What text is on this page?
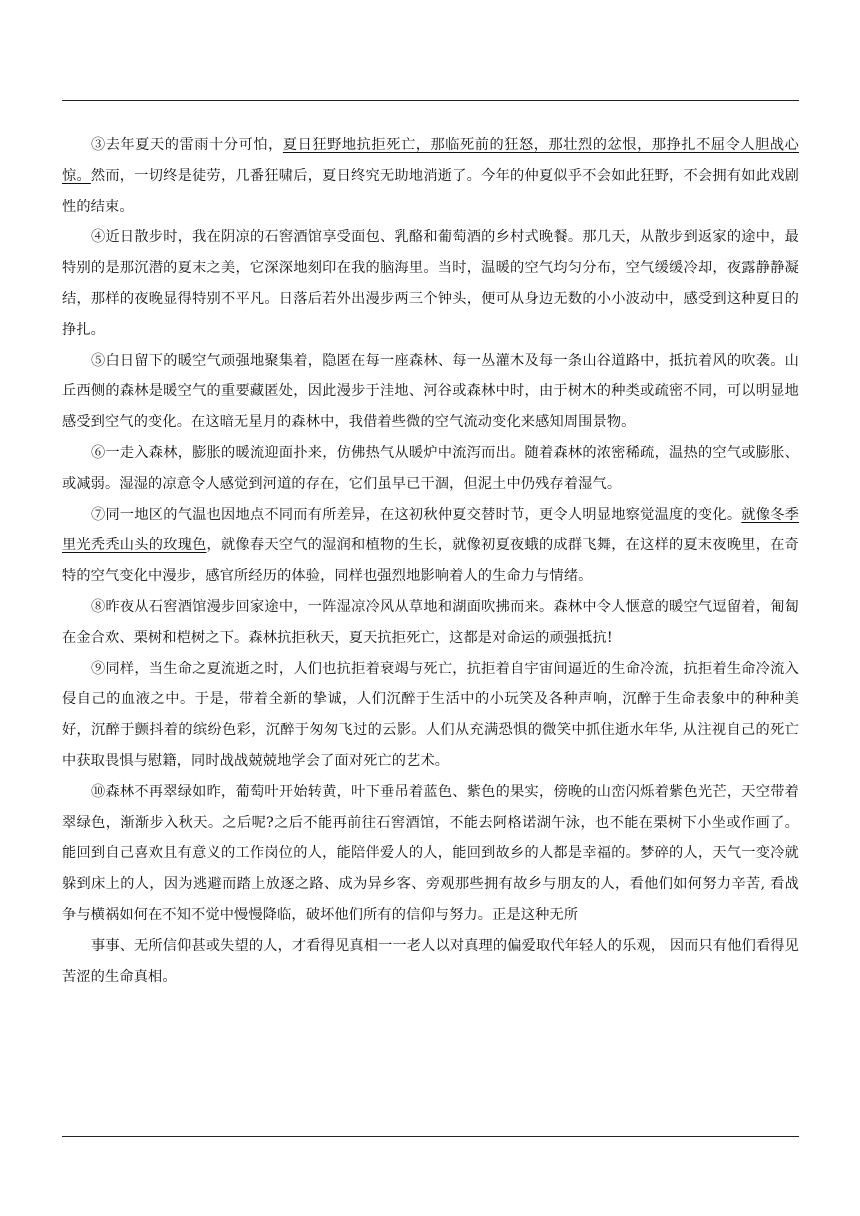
③去年夏天的雷雨十分可怕，夏日狂野地抗拒死亡，那临死前的狂怒，那壮烈的忿恨，那挣扎不屈令人胆战心惊。然而，一切终是徒劳，几番狂啸后，夏日终究无助地消逝了。今年的仲夏似乎不会如此狂野，不会拥有如此戏剧性的结束。

④近日散步时，我在阴凉的石窖酒馆享受面包、乳酪和葡萄酒的乡村式晚餐。那几天，从散步到返家的途中，最特别的是那沉潜的夏末之美，它深深地刻印在我的脑海里。当时，温暖的空气均匀分布，空气缓缓冷却，夜露静静凝结，那样的夜晚显得特别不平凡。日落后若外出漫步两三个钟头，便可从身边无数的小小波动中，感受到这种夏日的挣扎。

⑤白日留下的暖空气顽强地聚集着，隐匿在每一座森林、每一丛灌木及每一条山谷道路中，抵抗着风的吹袭。山丘西侧的森林是暖空气的重要藏匿处，因此漫步于洼地、河谷或森林中时，由于树木的种类或疏密不同，可以明显地感受到空气的变化。在这暗无星月的森林中，我借着些微的空气流动变化来感知周围景物。

⑥一走入森林，膨胀的暖流迎面扑来，仿佛热气从暖炉中流泻而出。随着森林的浓密稀疏，温热的空气或膨胀、或减弱。湿湿的凉意令人感觉到河道的存在，它们虽早已干涸，但泥土中仍残存着湿气。

⑦同一地区的气温也因地点不同而有所差异，在这初秋仲夏交替时节，更令人明显地察觉温度的变化。就像冬季里光秃秃山头的玫瑰色，就像春天空气的湿润和植物的生长，就像初夏夜蛾的成群飞舞，在这样的夏末夜晚里，在奇特的空气变化中漫步，感官所经历的体验，同样也强烈地影响着人的生命力与情绪。

⑧昨夜从石窖酒馆漫步回家途中，一阵湿凉冷风从草地和湖面吹拂而来。森林中令人惬意的暖空气逗留着，匍匐在金合欢、栗树和桤树之下。森林抗拒秋天，夏天抗拒死亡，这都是对命运的顽强抵抗!

⑨同样，当生命之夏流逝之时，人们也抗拒着衰竭与死亡，抗拒着自宇宙间逼近的生命冷流，抗拒着生命冷流入侵自己的血液之中。于是，带着全新的挚诚，人们沉醉于生活中的小玩笑及各种声响，沉醉于生命表象中的种种美好，沉醉于颤抖着的缤纷色彩，沉醉于匆匆飞过的云影。人们从充满恐惧的微笑中抓住逝水年华, 从注视自己的死亡中获取畏惧与慰籍，同时战战兢兢地学会了面对死亡的艺术。

⑩森林不再翠绿如昨，葡萄叶开始转黄，叶下垂吊着蓝色、紫色的果实，傍晚的山峦闪烁着紫色光芒，天空带着翠绿色，渐渐步入秋天。之后呢?之后不能再前往石窖酒馆，不能去阿格诺湖午泳，也不能在栗树下小坐或作画了。能回到自己喜欢且有意义的工作岗位的人，能陪伴爱人的人，能回到故乡的人都是幸福的。梦碎的人，天气一变冷就躲到床上的人，因为逃避而踏上放逐之路、成为异乡客、旁观那些拥有故乡与朋友的人，看他们如何努力辛苦, 看战争与横祸如何在不知不觉中慢慢降临，破坏他们所有的信仰与努力。正是这种无所

事事、无所信仰甚或失望的人，才看得见真相一一老人以对真理的偏爱取代年轻人的乐观， 因而只有他们看得见苦涩的生命真相。
